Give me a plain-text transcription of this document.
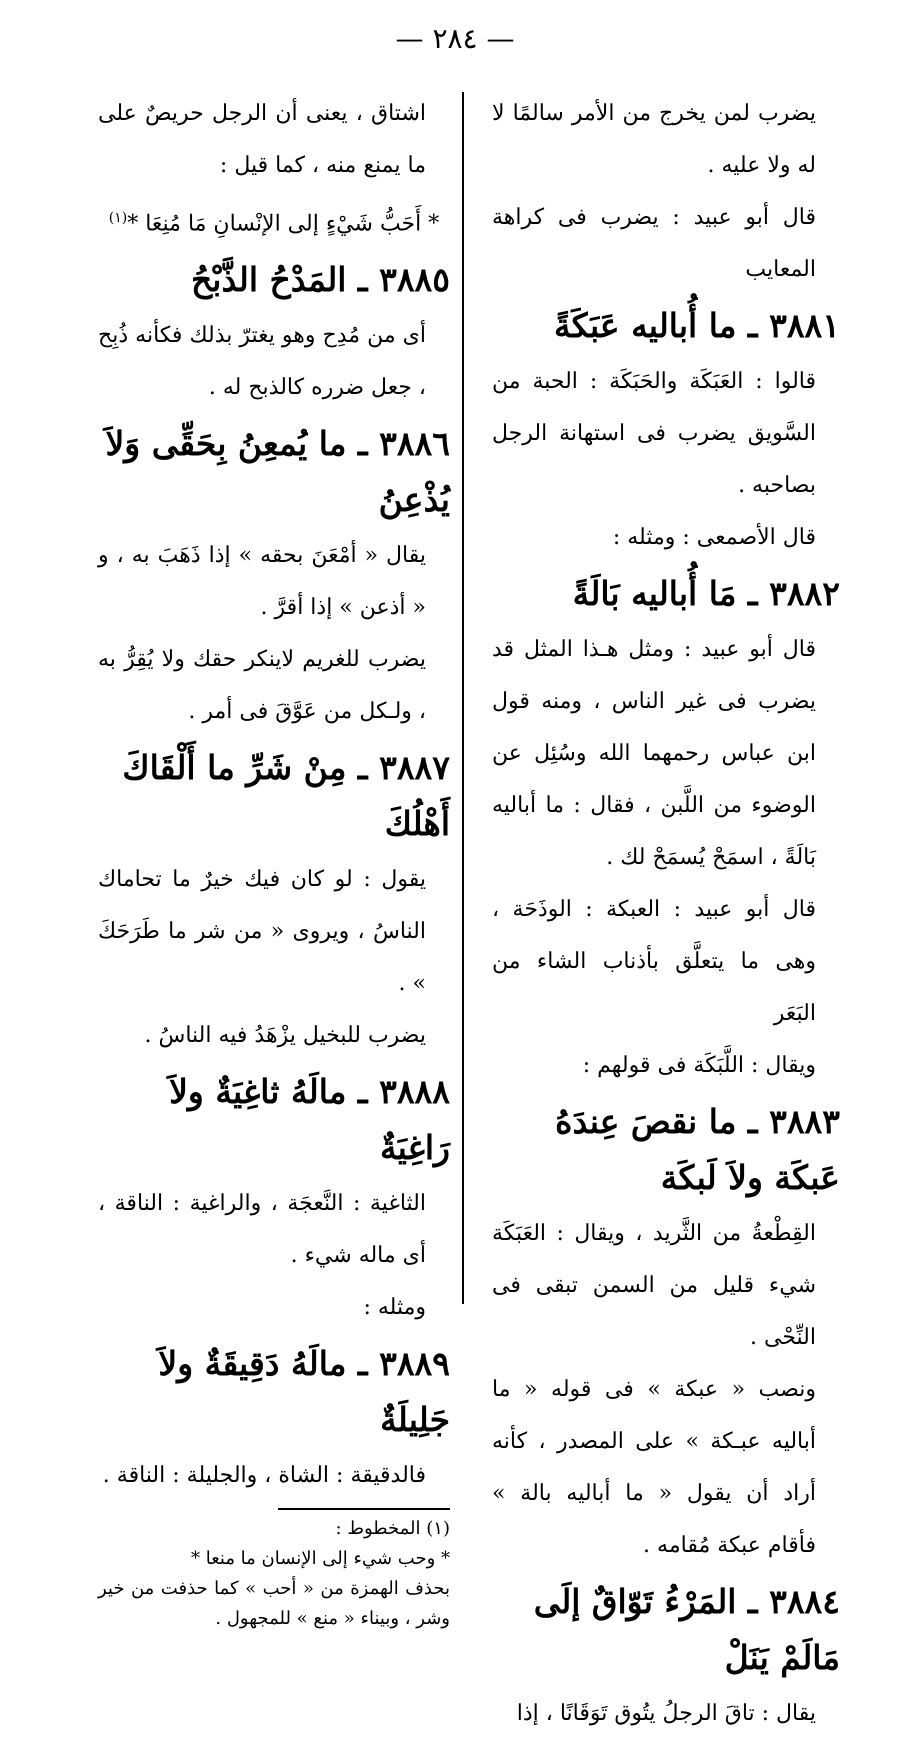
— ٢٨٤ —

يضرب لمن يخرج من الأمر سالمًا لا له ولا عليه .

قال أبو عبيد : يضرب فى كراهة المعايب

٣٨٨١ ـ ما أُباليه عَبَكَةً

قالوا : العَبَكَة والحَبَكَة : الحبة من السَّويق يضرب فى استهانة الرجل بصاحبه .

قال الأصمعى : ومثله :

٣٨٨٢ ـ مَا أُباليه بَالَةً

قال أبو عبيد : ومثل هـذا المثل قد يضرب فى غير الناس ، ومنه قول ابن عباس رحمهما الله وسُئِل عن الوضوء من اللَّبن ، فقال : ما أباليه بَالَةً ، اسمَحْ يُسمَحْ لك .

قال أبو عبيد : العبكة : الوذَحَة ، وهى ما يتعلَّق بأذناب الشاء من البَعَر

ويقال : اللَّبَكَة فى قولهم :

٣٨٨٣ ـ ما نقصَ عِندَهُ عَبكَة ولاَ لَبكَة

القِطْعةُ من الثَّريد ، ويقال : العَبَكَة شيء قليل من السمن تبقى فى النِّحْى .

ونصب « عبكة » فى قوله « ما أباليه عبـكة » على المصدر ، كأنه أراد أن يقول « ما أباليه بالة » فأقام عبكة مُقامه .

٣٨٨٤ ـ المَرْءُ تَوّاقٌ إلَى مَالَمْ يَنَلْ

يقال : تاقَ الرجلُ يتُوق تَوَقَانًا ، إذا

اشتاق ، يعنى أن الرجل حريصٌ على ما يمنع منه ، كما قيل :

* أَحَبُّ شَيْءٍ إلى الإنْسانِ مَا مُنِعَا *$^{(١)}$

٣٨٨٥ ـ المَدْحُ الذَّبْحُ

أى من مُدِح وهو يغترّ بذلك فكأنه ذُبِح ، جعل ضرره كالذبح له .

٣٨٨٦ ـ ما يُمعِنُ بِحَقِّى وَلاَ يُذْعِنُ

يقال « أمْعَنَ بحقه » إذا ذَهَبَ به ، و « أذعن » إذا أقرَّ .

يضرب للغريم لاينكر حقك ولا يُقِرُّ به ، ولـكل من عَوَّقَ فى أمر .

٣٨٨٧ ـ مِنْ شَرِّ ما أَلْقَاكَ أَهْلُكَ

يقول : لو كان فيك خيرٌ ما تحاماك الناسُ ، ويروى « من شر ما طَرَحَكَ » .

يضرب للبخيل يزْهَدُ فيه الناسُ .

٣٨٨٨ ـ مالَهُ ثاغِيَةٌ ولاَ رَاغِيَةٌ

الثاغية : النَّعجَة ، والراغية : الناقة ، أى ماله شيء .

ومثله :

٣٨٨٩ ـ مالَهُ دَقِيقَةٌ ولاَ جَلِيلَةٌ

فالدقيقة : الشاة ، والجليلة : الناقة .

(١) المخطوط :

* وحب شيء إلى الإنسان ما منعا *

بحذف الهمزة من « أحب » كما حذفت من خير وشر ، وبيناء « منع » للمجهول .
